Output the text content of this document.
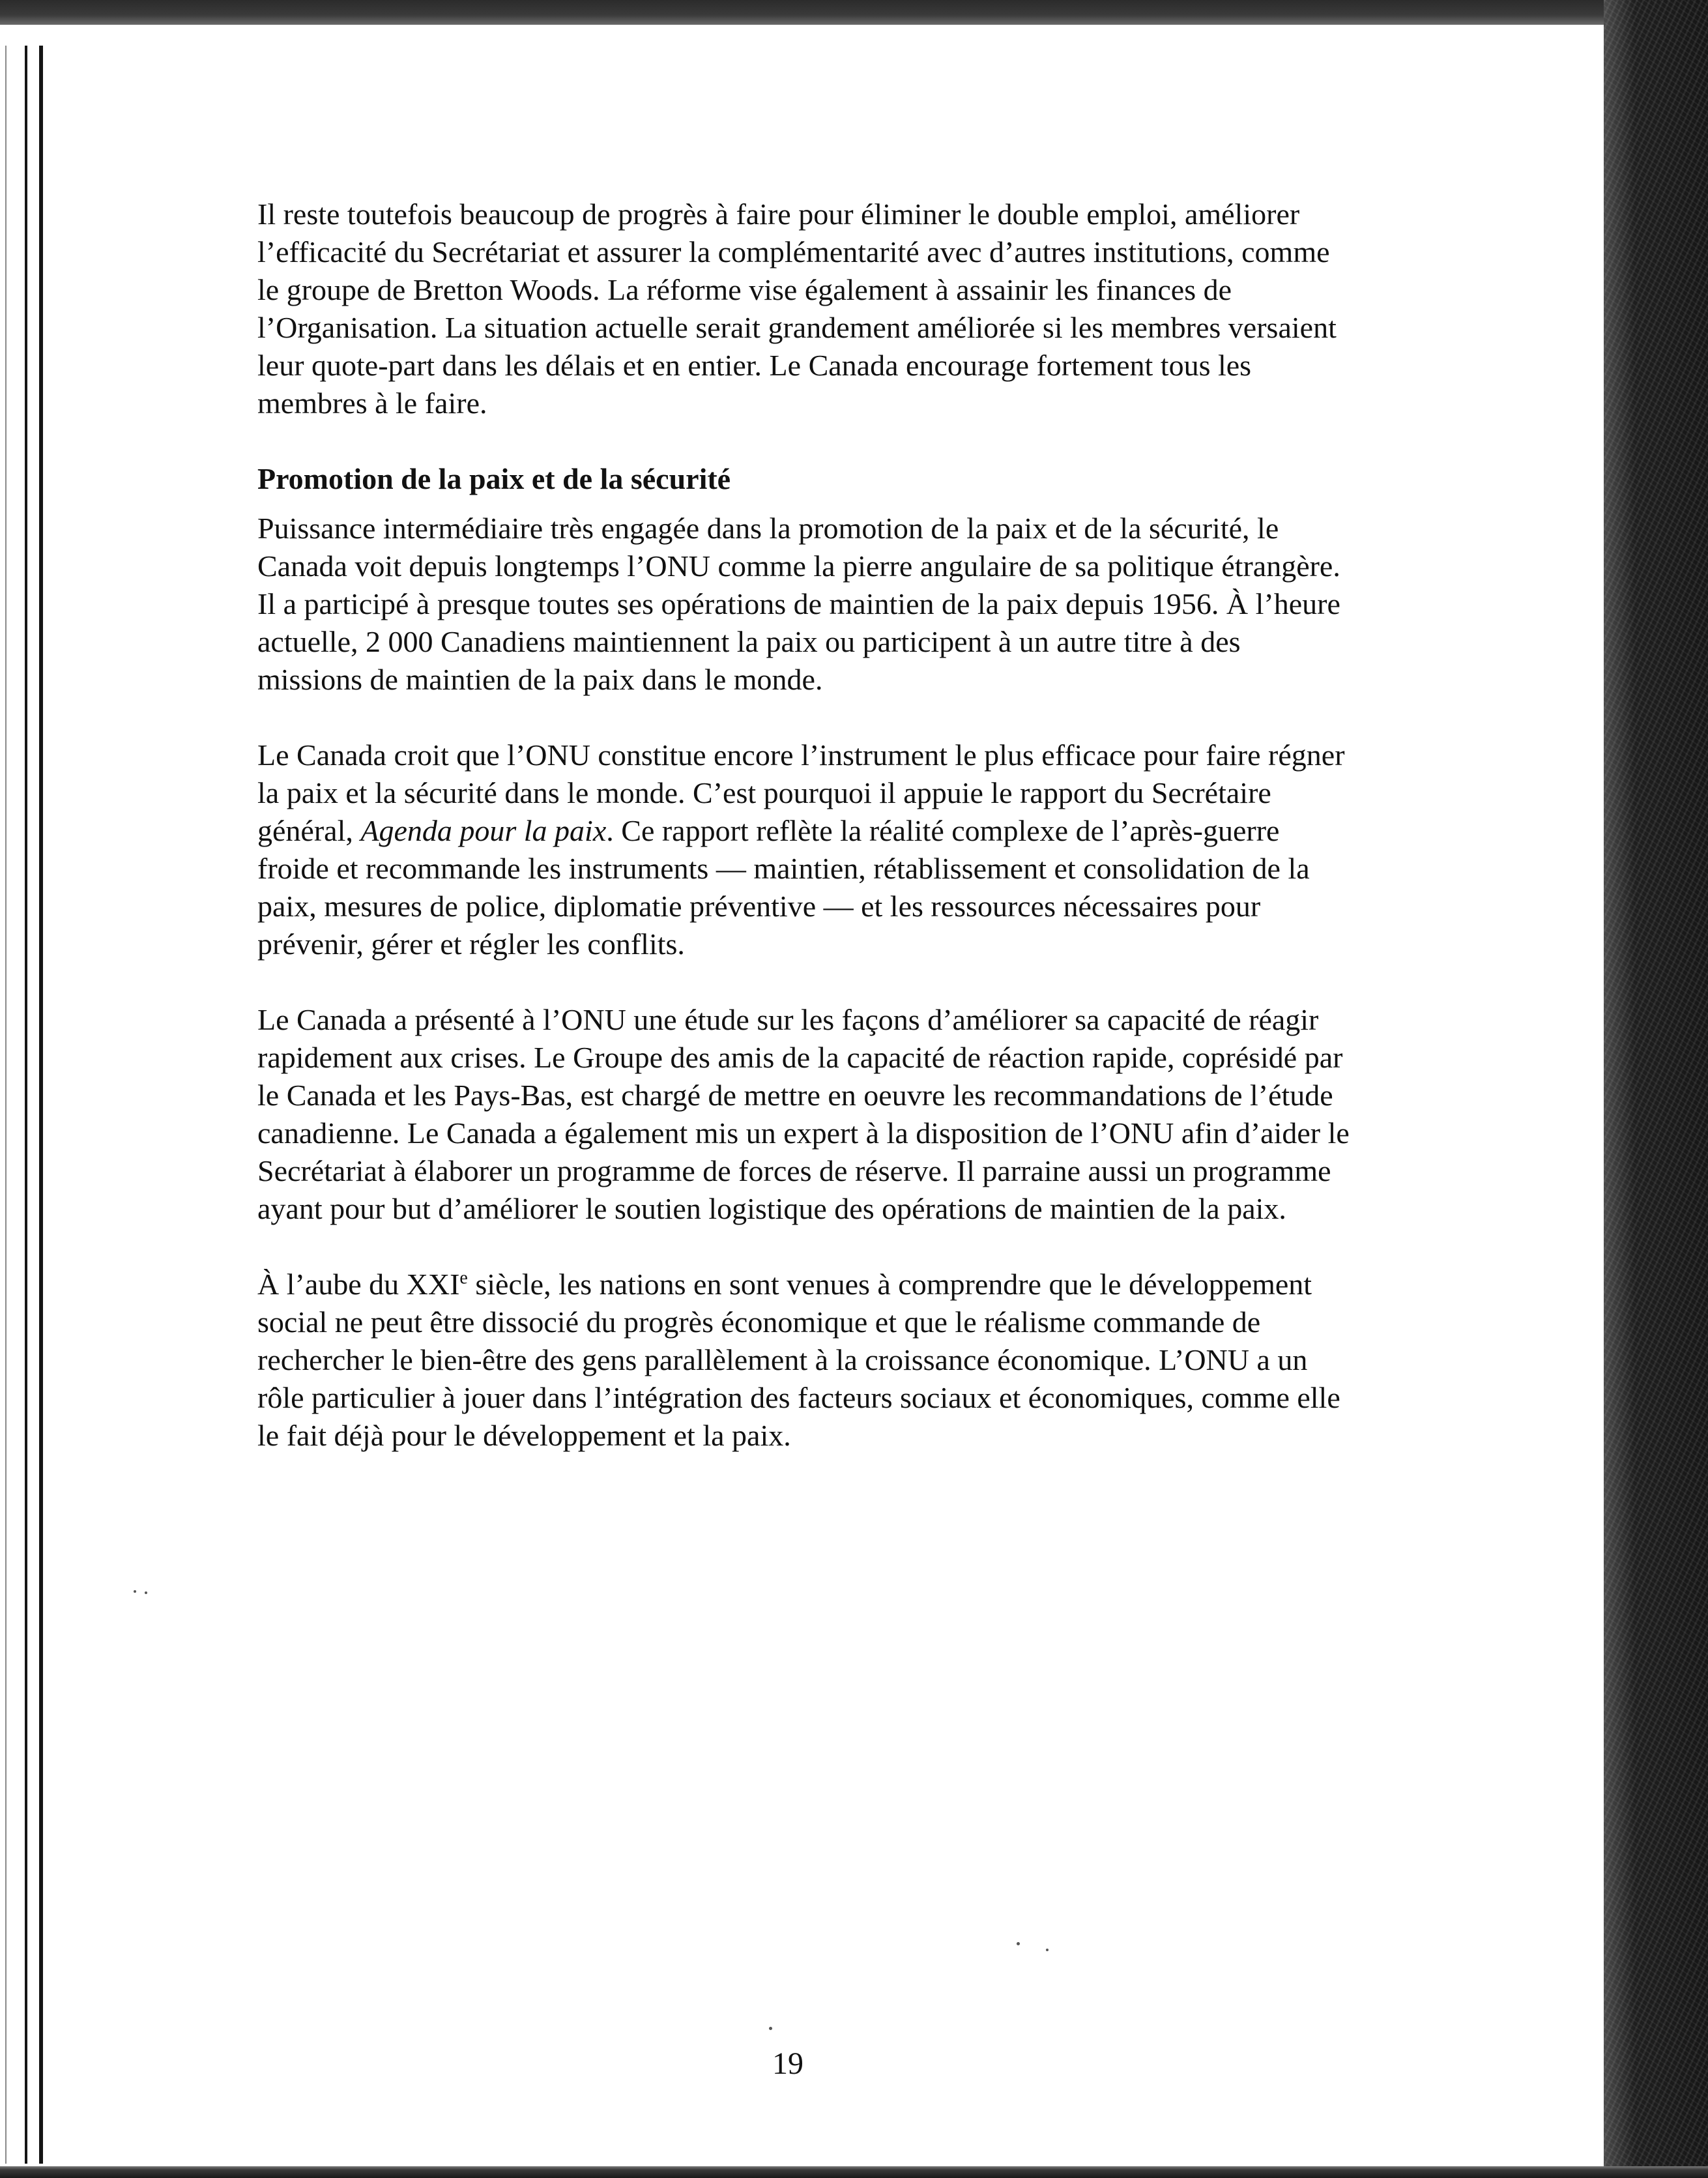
Il reste toutefois beaucoup de progrès à faire pour éliminer le double emploi, améliorer l’efficacité du Secrétariat et assurer la complémentarité avec d’autres institutions, comme le groupe de Bretton Woods. La réforme vise également à assainir les finances de l’Organisation. La situation actuelle serait grandement améliorée si les membres versaient leur quote-part dans les délais et en entier. Le Canada encourage fortement tous les membres à le faire.

Promotion de la paix et de la sécurité

Puissance intermédiaire très engagée dans la promotion de la paix et de la sécurité, le Canada voit depuis longtemps l’ONU comme la pierre angulaire de sa politique étrangère. Il a participé à presque toutes ses opérations de maintien de la paix depuis 1956. À l’heure actuelle, 2 000 Canadiens maintiennent la paix ou participent à un autre titre à des missions de maintien de la paix dans le monde.

Le Canada croit que l’ONU constitue encore l’instrument le plus efficace pour faire régner la paix et la sécurité dans le monde. C’est pourquoi il appuie le rapport du Secrétaire général, Agenda pour la paix. Ce rapport reflète la réalité complexe de l’après-guerre froide et recommande les instruments — maintien, rétablissement et consolidation de la paix, mesures de police, diplomatie préventive — et les ressources nécessaires pour prévenir, gérer et régler les conflits.

Le Canada a présenté à l’ONU une étude sur les façons d’améliorer sa capacité de réagir rapidement aux crises. Le Groupe des amis de la capacité de réaction rapide, coprésidé par le Canada et les Pays-Bas, est chargé de mettre en oeuvre les recommandations de l’étude canadienne. Le Canada a également mis un expert à la disposition de l’ONU afin d’aider le Secrétariat à élaborer un programme de forces de réserve. Il parraine aussi un programme ayant pour but d’améliorer le soutien logistique des opérations de maintien de la paix.

À l’aube du XXIe siècle, les nations en sont venues à comprendre que le développement social ne peut être dissocié du progrès économique et que le réalisme commande de rechercher le bien-être des gens parallèlement à la croissance économique. L’ONU a un rôle particulier à jouer dans l’intégration des facteurs sociaux et économiques, comme elle le fait déjà pour le développement et la paix.

19
